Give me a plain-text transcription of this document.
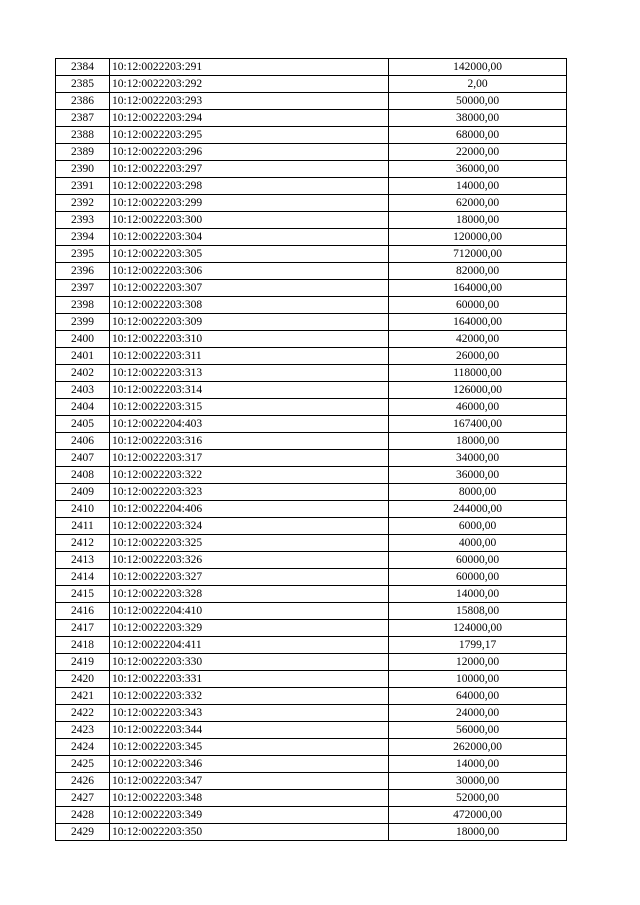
2384	10:12:0022203:291	142000,00
2385	10:12:0022203:292	2,00
2386	10:12:0022203:293	50000,00
2387	10:12:0022203:294	38000,00
2388	10:12:0022203:295	68000,00
2389	10:12:0022203:296	22000,00
2390	10:12:0022203:297	36000,00
2391	10:12:0022203:298	14000,00
2392	10:12:0022203:299	62000,00
2393	10:12:0022203:300	18000,00
2394	10:12:0022203:304	120000,00
2395	10:12:0022203:305	712000,00
2396	10:12:0022203:306	82000,00
2397	10:12:0022203:307	164000,00
2398	10:12:0022203:308	60000,00
2399	10:12:0022203:309	164000,00
2400	10:12:0022203:310	42000,00
2401	10:12:0022203:311	26000,00
2402	10:12:0022203:313	118000,00
2403	10:12:0022203:314	126000,00
2404	10:12:0022203:315	46000,00
2405	10:12:0022204:403	167400,00
2406	10:12:0022203:316	18000,00
2407	10:12:0022203:317	34000,00
2408	10:12:0022203:322	36000,00
2409	10:12:0022203:323	8000,00
2410	10:12:0022204:406	244000,00
2411	10:12:0022203:324	6000,00
2412	10:12:0022203:325	4000,00
2413	10:12:0022203:326	60000,00
2414	10:12:0022203:327	60000,00
2415	10:12:0022203:328	14000,00
2416	10:12:0022204:410	15808,00
2417	10:12:0022203:329	124000,00
2418	10:12:0022204:411	1799,17
2419	10:12:0022203:330	12000,00
2420	10:12:0022203:331	10000,00
2421	10:12:0022203:332	64000,00
2422	10:12:0022203:343	24000,00
2423	10:12:0022203:344	56000,00
2424	10:12:0022203:345	262000,00
2425	10:12:0022203:346	14000,00
2426	10:12:0022203:347	30000,00
2427	10:12:0022203:348	52000,00
2428	10:12:0022203:349	472000,00
2429	10:12:0022203:350	18000,00
